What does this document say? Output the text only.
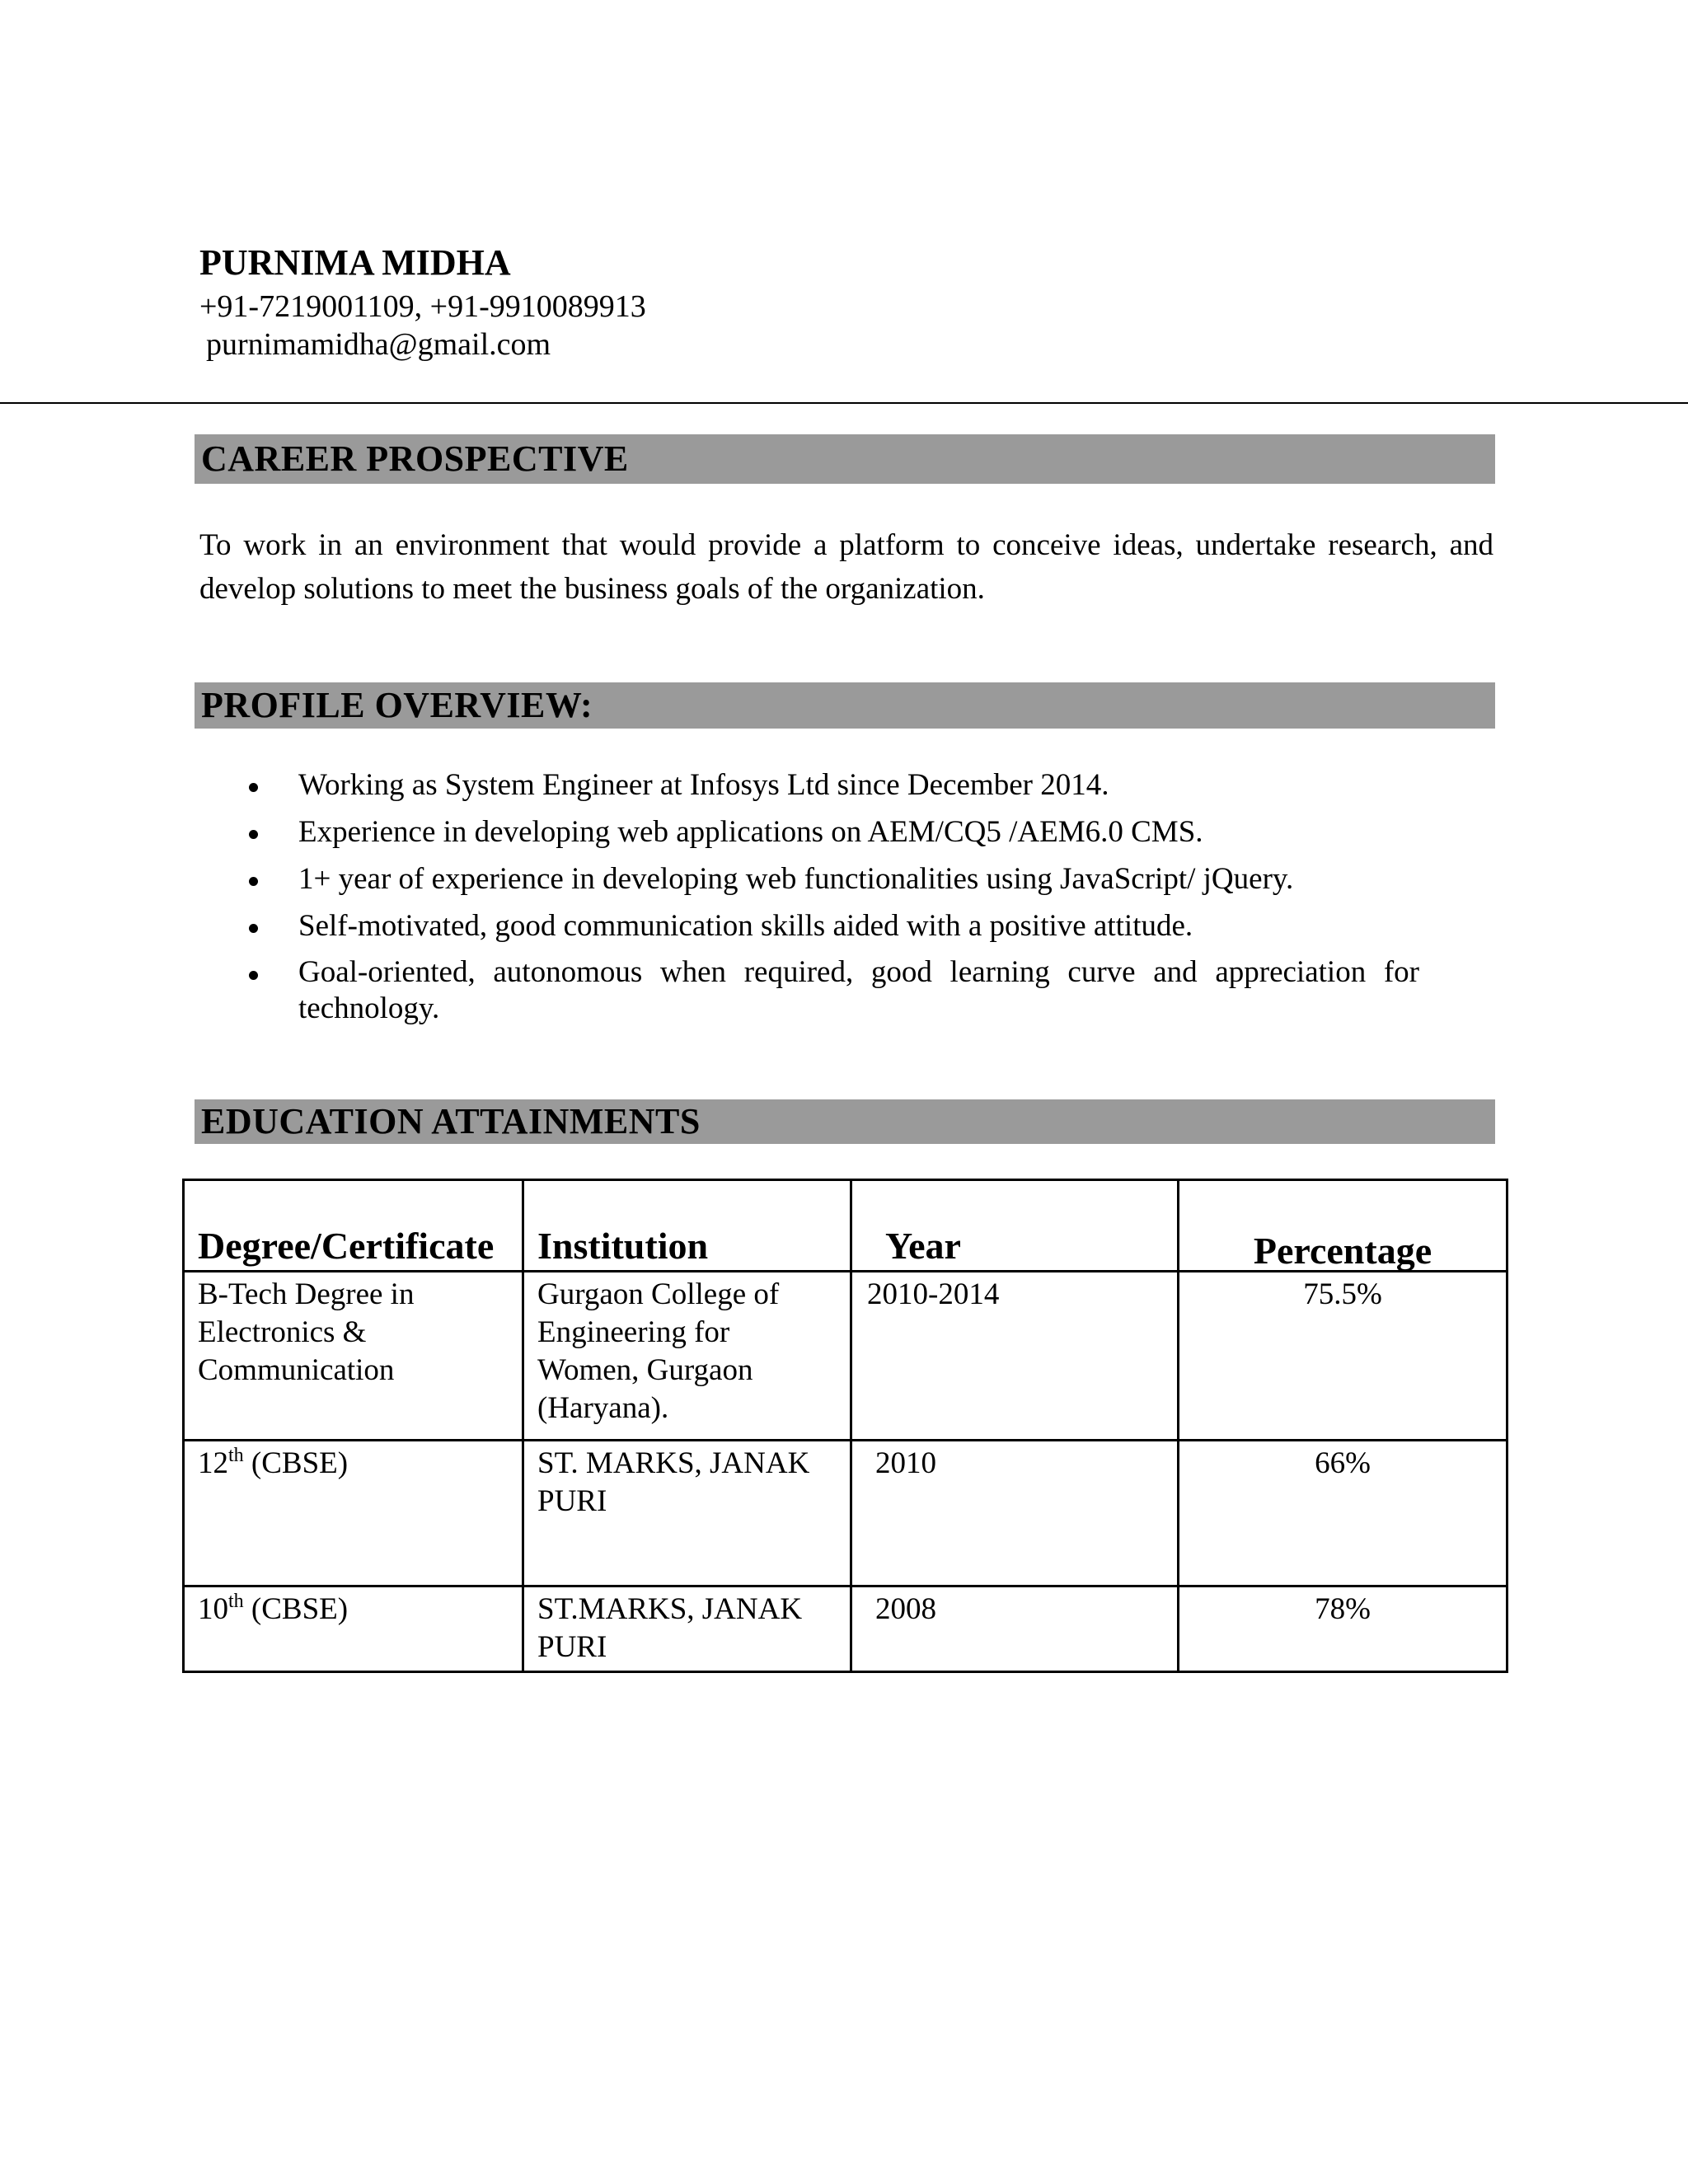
PURNIMA MIDHA
+91-7219001109, +91-9910089913
purnimamidha@gmail.com
CAREER PROSPECTIVE
To work in an environment that would provide a platform to conceive ideas, undertake research, and develop solutions to meet the business goals of the organization.
PROFILE OVERVIEW:
Working as System Engineer at Infosys Ltd since December 2014.
Experience in developing web applications on AEM/CQ5 /AEM6.0 CMS.
1+ year of experience in developing web functionalities using JavaScript/ jQuery.
Self-motivated, good communication skills aided with a positive attitude.
Goal-oriented, autonomous when required, good learning curve and appreciation for technology.
EDUCATION ATTAINMENTS
Degree/Certificate	Institution	Year	Percentage
B-Tech Degree in Electronics & Communication	Gurgaon College of Engineering for Women, Gurgaon (Haryana).	2010-2014	75.5%
12th (CBSE)	ST. MARKS, JANAK PURI	2010	66%
10th (CBSE)	ST.MARKS, JANAK PURI	2008	78%
